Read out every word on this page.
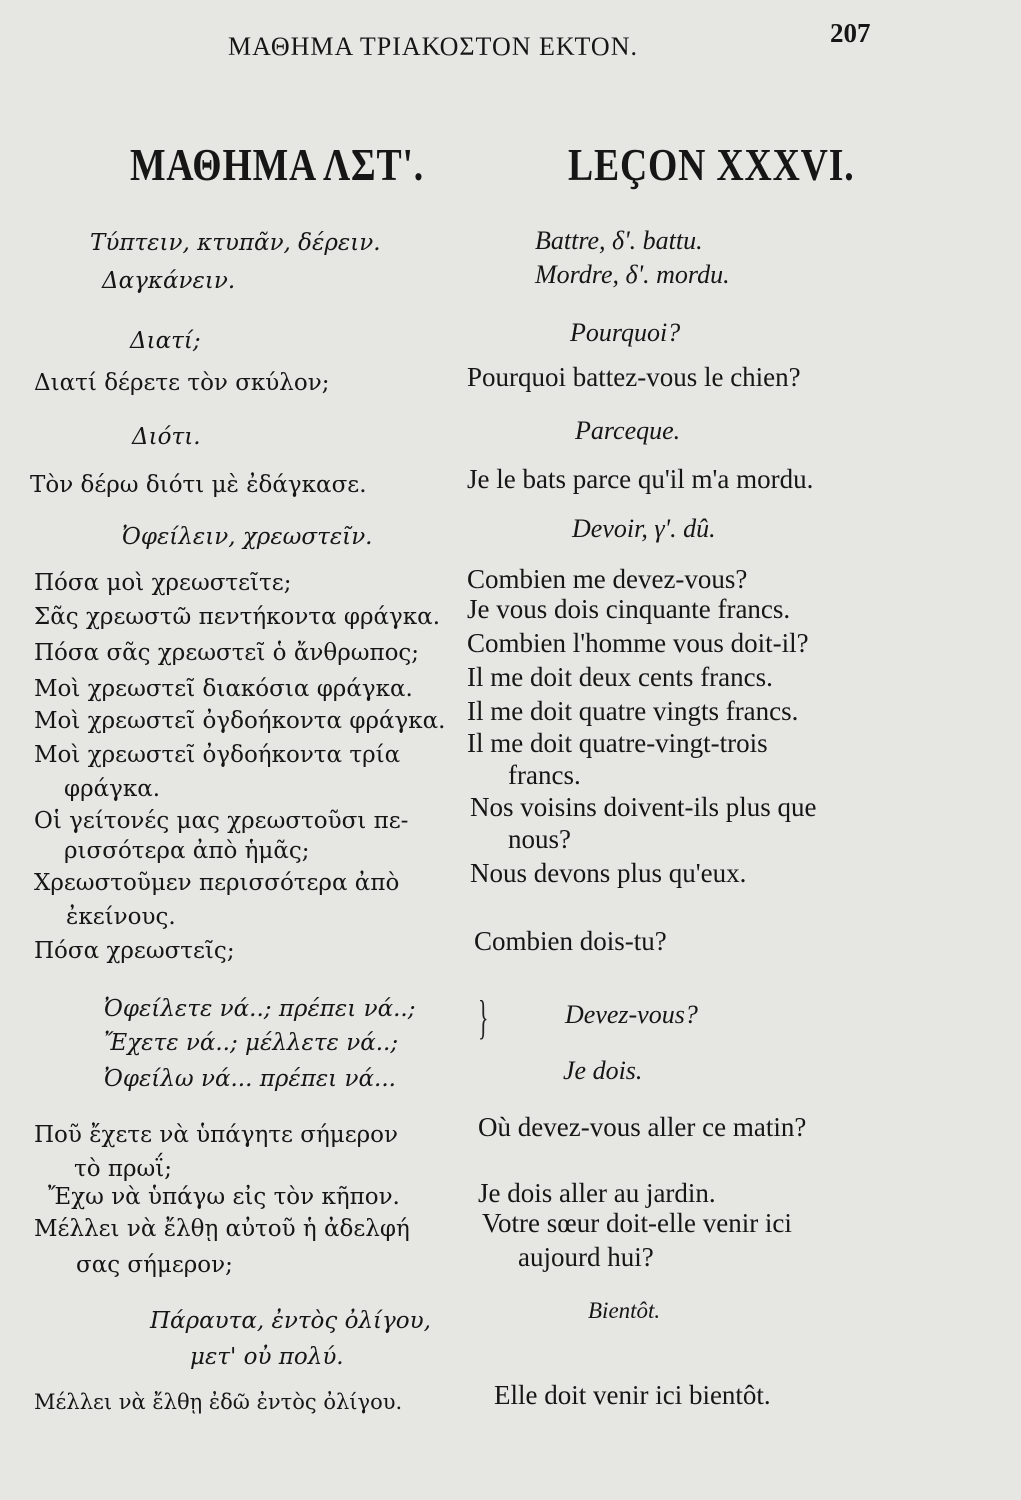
ΜΑΘΗΜΑ ΤΡΙΑΚΟΣΤΟΝ ΕΚΤΟΝ.	207
ΜΑΘΗΜΑ ΛΣΤ'.	LEÇON XXXVI.
Τύπτειν, κτυπᾶν, δέρειν.
Δαγκάνειν.
Διατί;
Διατί δέρετε τὸν σκύλον;
Διότι.
Τὸν δέρω διότι μὲ ἐδάγκασε.
Ὀφείλειν, χρεωστεῖν.
Πόσα μοὶ χρεωστεῖτε;
Σᾶς χρεωστῶ πεντήκοντα φράγκα.
Πόσα σᾶς χρεωστεῖ ὁ ἄνθρωπος;
Μοὶ χρεωστεῖ διακόσια φράγκα.
Μοὶ χρεωστεῖ ὀγδοήκοντα φράγκα.
Μοὶ χρεωστεῖ ὀγδοήκοντα τρία
φράγκα.
Οἱ γείτονές μας χρεωστοῦσι πε-
ρισσότερα ἀπὸ ἡμᾶς;
Χρεωστοῦμεν περισσότερα ἀπὸ
ἐκείνους.
Πόσα χρεωστεῖς;
Ὀφείλετε νά..; πρέπει νά..;
Ἔχετε νά..; μέλλετε νά..; }
Ὀφείλω νά... πρέπει νά...
Ποῦ ἔχετε νὰ ὑπάγητε σήμερον
τὸ πρωΐ;
Ἔχω νὰ ὑπάγω εἰς τὸν κῆπον.
Μέλλει νὰ ἔλθῃ αὐτοῦ ἡ ἀδελφή
σας σήμερον;
Πάραυτα, ἐντὸς ὀλίγου,
μετ' οὐ πολύ.
Μέλλει νὰ ἔλθῃ ἐδῶ ἐντὸς ὀλίγου.
Battre, δ'. battu.
Mordre, δ'. mordu.
Pourquoi?
Pourquoi battez-vous le chien?
Parceque.
Je le bats parce qu'il m'a mordu.
Devoir, γ'. dû.
Combien me devez-vous?
Je vous dois cinquante francs.
Combien l'homme vous doit-il?
Il me doit deux cents francs.
Il me doit quatre vingts francs.
Il me doit quatre-vingt-trois
francs.
Nos voisins doivent-ils plus que
nous?
Nous devons plus qu'eux.
Combien dois-tu?
Devez-vous?
Je dois.
Où devez-vous aller ce matin?
Je dois aller au jardin.
Votre sœur doit-elle venir ici
aujourd hui?
Bientôt.
Elle doit venir ici bientôt.
